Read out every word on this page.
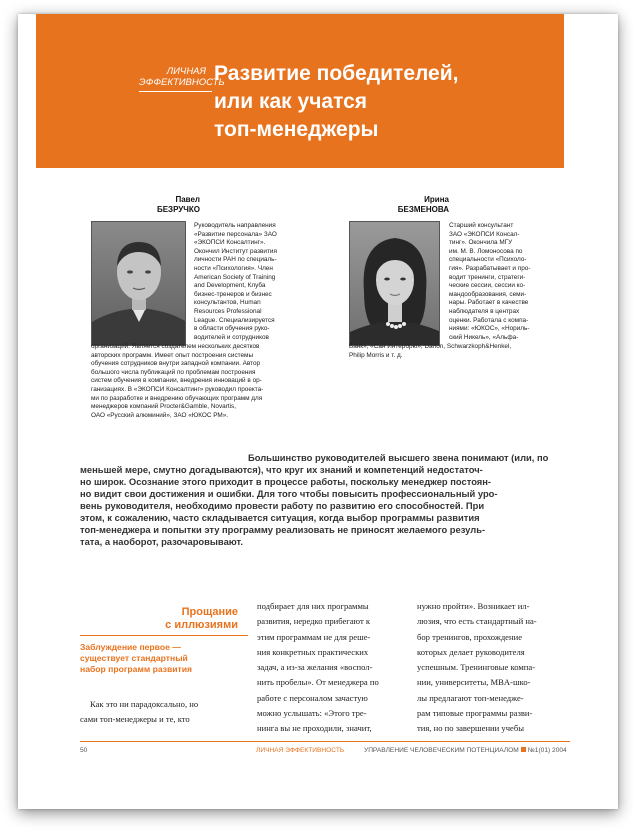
ЛИЧНАЯ
ЭФФЕКТИВНОСТЬ
Развитие победителей,
или как учатся
топ-менеджеры
Павел
БЕЗРУЧКО
Руководитель направления
«Развитие персонала» ЗАО
«ЭКОПСИ Консалтинг».
Окончил Институт развития
личности РАН по специаль-
ности «Психология». Член
American Society of Training
and Development, Клуба
бизнес-тренеров и бизнес
консультантов, Human
Resources Professional
League. Специализируется
в области обучения руко-
водителей и сотрудников
организаций. Является создателем нескольких десятков
авторских программ. Имеет опыт построения системы
обучения сотрудников внутри западной компании. Автор
большого числа публикаций по проблемам построения
систем обучения в компании, внедрения инноваций в ор-
ганизациях. В «ЭКОПСИ Консалтинг» руководил проекта-
ми по разработке и внедрению обучающих программ для
менеджеров компаний Procter&Gamble, Novartis,
ОАО «Русский алюминий», ЗАО «ЮКОС РМ».
Ирина
БЕЗМЕНОВА
Старший консультант
ЗАО «ЭКОПСИ Консал-
тинг». Окончила МГУ
им. М. В. Ломоносова по
специальности «Психоло-
гия». Разрабатывает и про-
водит тренинги, стратеги-
ческие сессии, сессии ко-
мандообразования, семи-
нары. Работает в качестве
наблюдателя в центрах
оценки. Работала с компа-
ниями: «ЮКОС», «Нориль-
ский Никель», «Альфа-
Банк», «Сан Интербрю», Danon, Schwarzkoph&Henkel,
Philip Morris и т. д.
Большинство руководителей высшего звена понимают (или, по
меньшей мере, смутно догадываются), что круг их знаний и компетенций недостаточ-
но широк. Осознание этого приходит в процессе работы, поскольку менеджер постоян-
но видит свои достижения и ошибки. Для того чтобы повысить профессиональный уро-
вень руководителя, необходимо провести работу по развитию его способностей. При
этом, к сожалению, часто складывается ситуация, когда выбор программы развития
топ-менеджера и попытки эту программу реализовать не приносят желаемого резуль-
тата, а наоборот, разочаровывают.
Прощание
с иллюзиями
Заблуждение первое —
существует стандартный
набор программ развития
Как это ни парадоксально, но
сами топ-менеджеры и те, кто
подбирает для них программы
развития, нередко прибегают к
этим программам не для реше-
ния конкретных практических
задач, а из-за желания «воспол-
нить пробелы». От менеджера по
работе с персоналом зачастую
можно услышать: «Этого тре-
нинга вы не проходили, значит,
нужно пройти». Возникает ил-
люзия, что есть стандартный на-
бор тренингов, прохождение
которых делает руководителя
успешным. Тренинговые компа-
нии, университеты, MBA-шко-
лы предлагают топ-менедже-
рам типовые программы разви-
тия, но по завершении учебы
50	ЛИЧНАЯ ЭФФЕКТИВНОСТЬ	УПРАВЛЕНИЕ ЧЕЛОВЕЧЕСКИМ ПОТЕНЦИАЛОМ №1(01) 2004
